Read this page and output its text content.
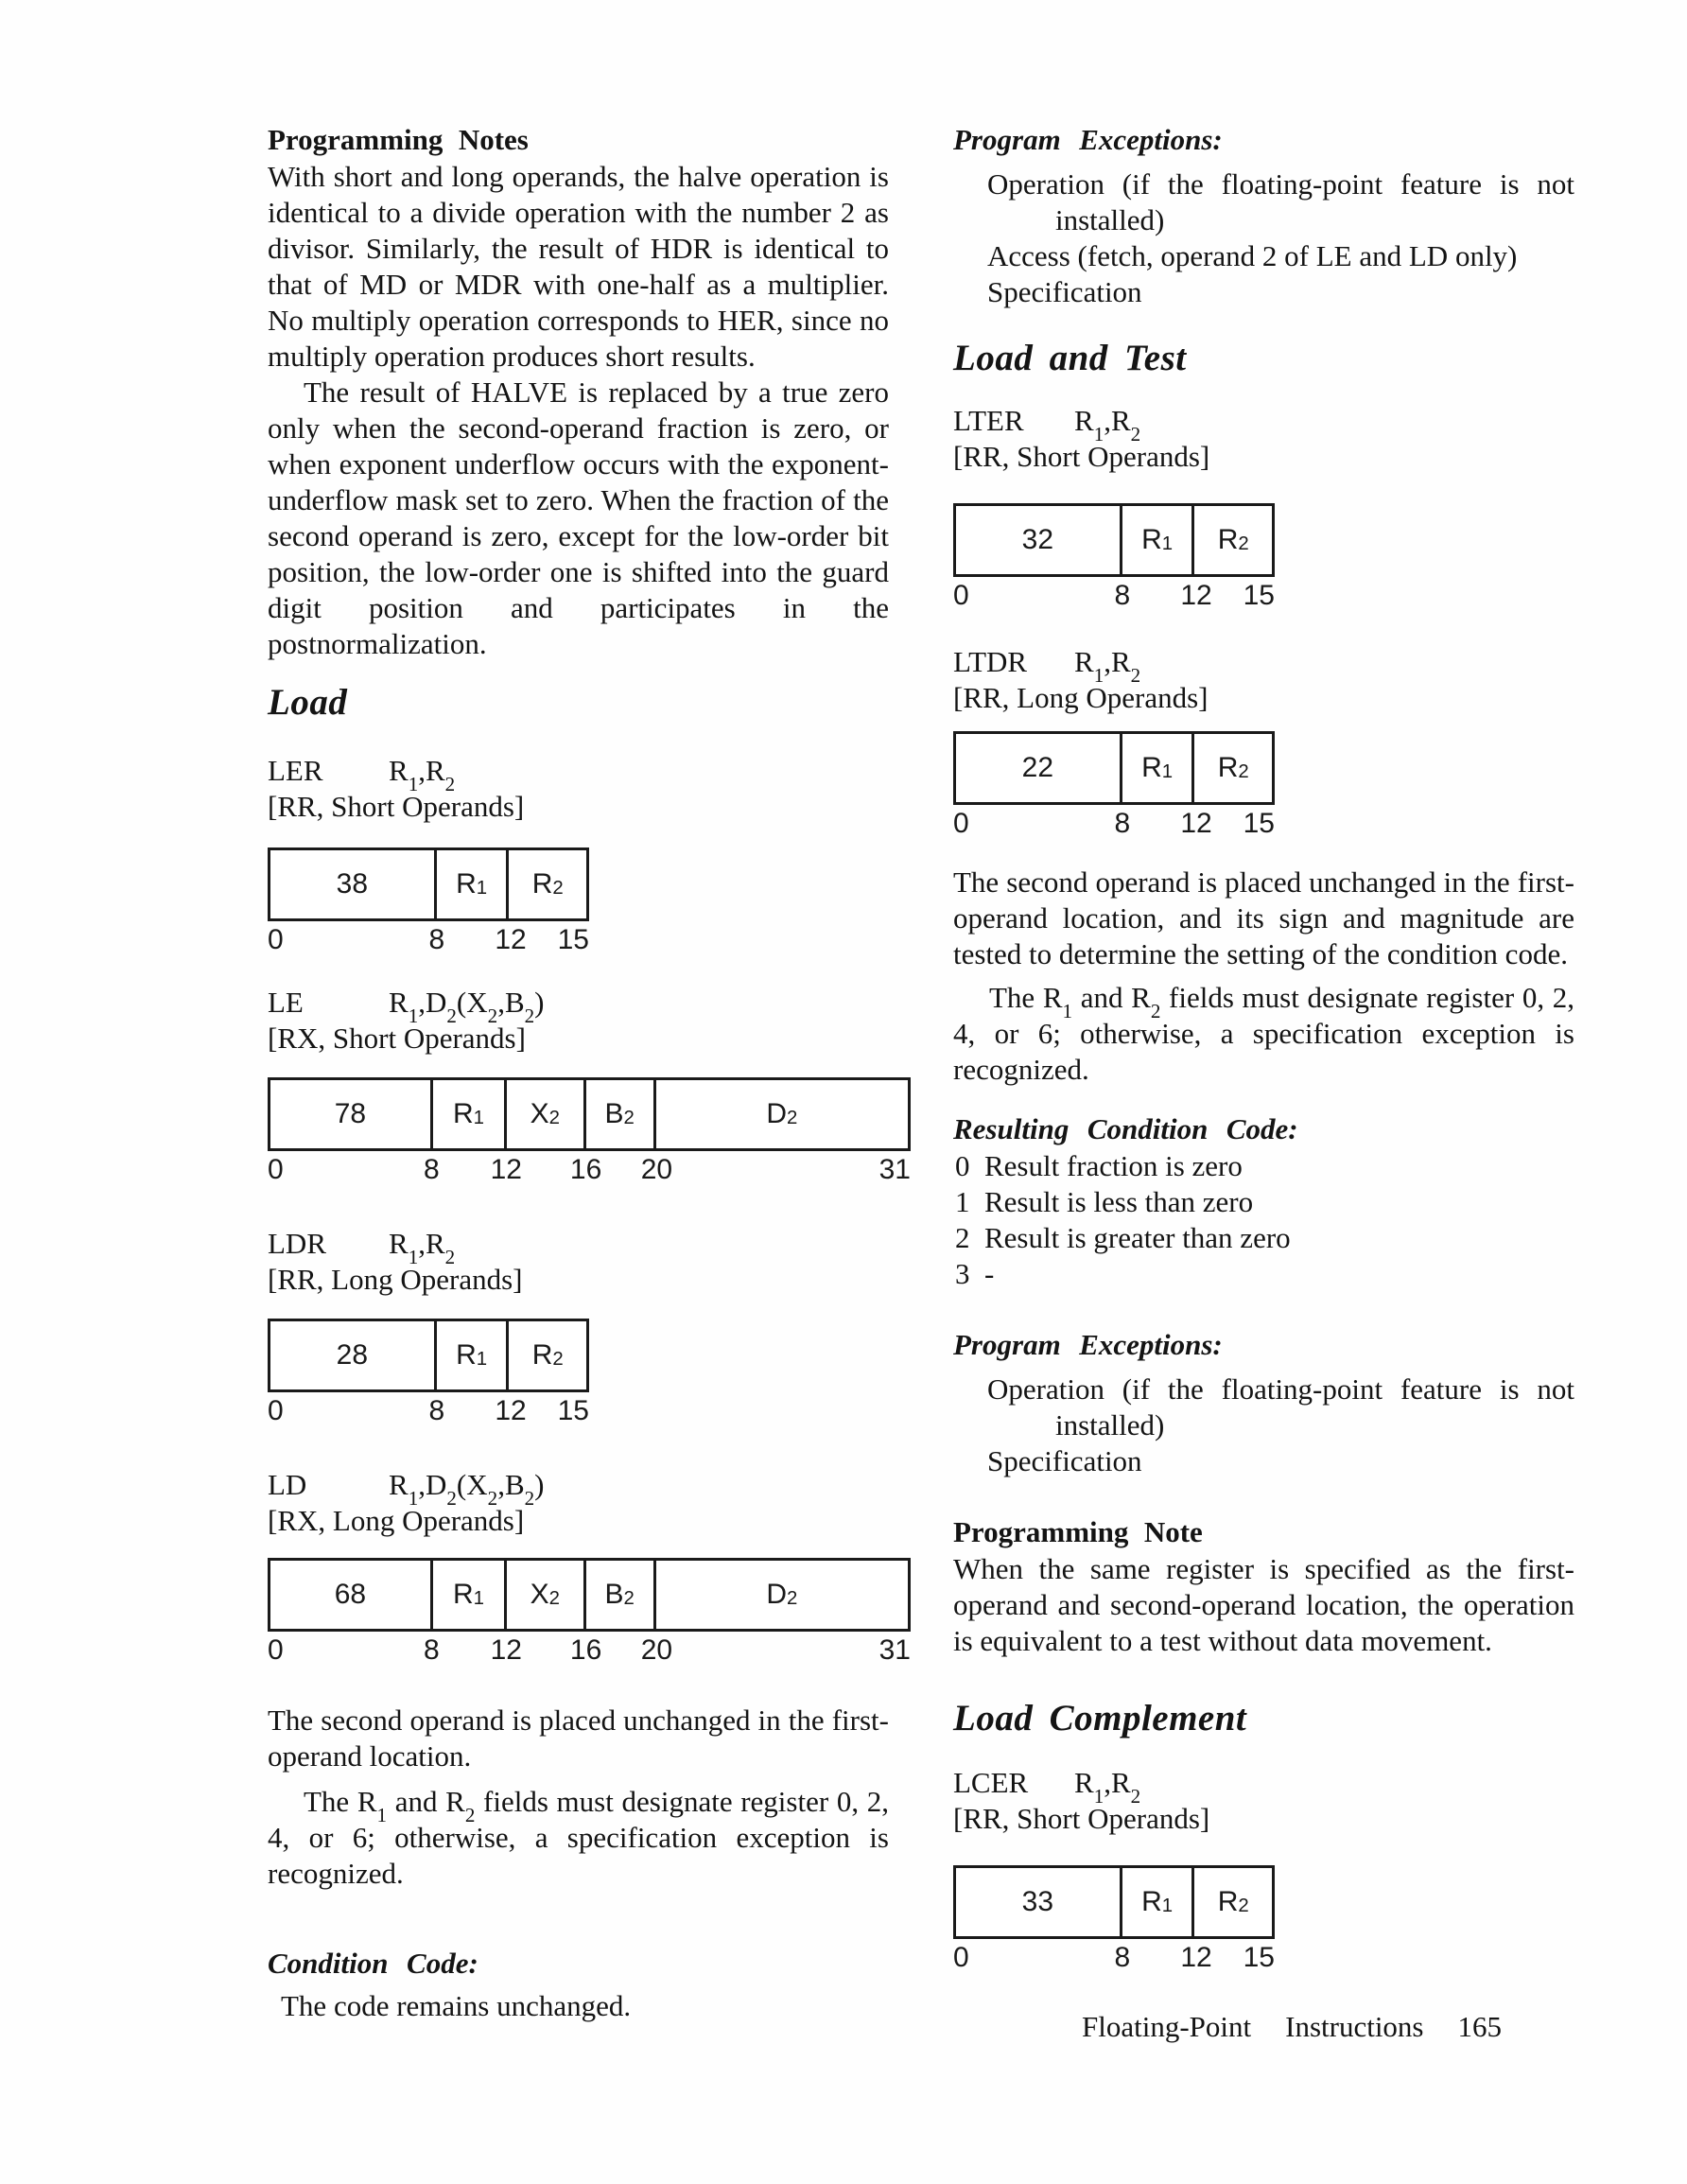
Programming Notes

With short and long operands, the halve operation is identical to a divide operation with the number 2 as divisor. Similarly, the result of HDR is identical to that of MD or MDR with one-half as a multiplier. No multiply operation corresponds to HER, since no multiply operation produces short results.

The result of HALVE is replaced by a true zero only when the second-operand fraction is zero, or when exponent underflow occurs with the exponent-underflow mask set to zero. When the fraction of the second operand is zero, except for the low-order bit position, the low-order one is shifted into the guard digit position and participates in the postnormalization.

Load
LER $R_1,R_2$
[RR, Short Operands]
38	$R_1$ $R_2$
0	8 12 15
LE	$R_1,D_2(X_2,B_2)$
[RX, Short Operands]
78	$R_1$ $X_2$ $B_2$	$D_2$
0	8 12 16 20	31
LDR $R_1,R_2$
[RR, Long Operands]
28	$R_1$ $R_2$
0	8 12 15
LD	$R_1,D_2(X_2,B_2)$
[RX, Long Operands]
68	$R_1$ $X_2$ $B_2$	$D_2$
0	8 12 16 20	31

The second operand is placed unchanged in the first-operand location.

The $R_1$ and $R_2$ fields must designate register 0, 2, 4, or 6; otherwise, a specification exception is recognized.

Condition Code:

The code remains unchanged.

Program Exceptions:
Operation (if the floating-point feature is not installed)
Access (fetch, operand 2 of LE and LD only)
Specification
Load and Test
LTER $R_1,R_2$
[RR, Short Operands]
32	$R_1$ $R_2$
0	8 12 15
LTDR $R_1,R_2$
[RR, Long Operands]
22	$R_1$ $R_2$
0	8 12 15

The second operand is placed unchanged in the first-operand location, and its sign and magnitude are tested to determine the setting of the condition code.

The $R_1$ and $R_2$ fields must designate register 0, 2, 4, or 6; otherwise, a specification exception is recognized.

Resulting Condition Code:
0  Result fraction is zero
1  Result is less than zero
2  Result is greater than zero
3  -
Program Exceptions:
Operation (if the floating-point feature is not installed)
Specification
Programming Note

When the same register is specified as the first-operand and second-operand location, the operation is equivalent to a test without data movement.

Load Complement
LCER $R_1,R_2$
[RR, Short Operands]
33	$R_1$ $R_2$
0	8 12 15
Floating-Point Instructions 165
